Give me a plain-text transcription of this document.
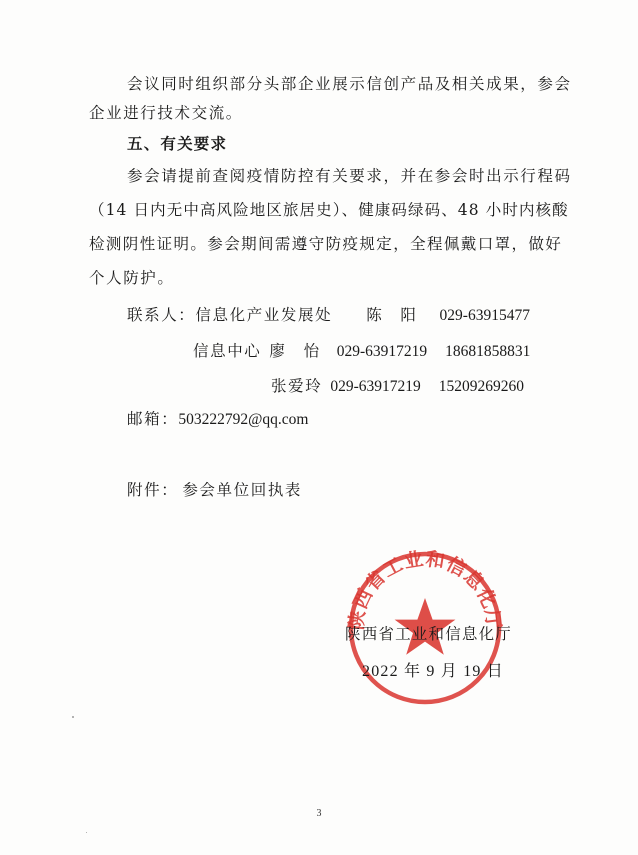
会议同时组织部分头部企业展示信创产品及相关成果，参会
企业进行技术交流。
五、有关要求
参会请提前查阅疫情防控有关要求，并在参会时出示行程码
（14 日内无中高风险地区旅居史）、健康码绿码、48 小时内核酸
检测阴性证明。参会期间需遵守防疫规定，全程佩戴口罩，做好
个人防护。
联系人：信息化产业发展处 陈　阳 029-63915477
信息中心 廖　怡 029-63917219 18681858831
张爱玲 029-63917219 15209269260
邮箱：503222792@qq.com
附件： 参会单位回执表
陕西省工业和信息化厅
陕西省工业和信息化厅
2022 年 9 月 19 日
3
